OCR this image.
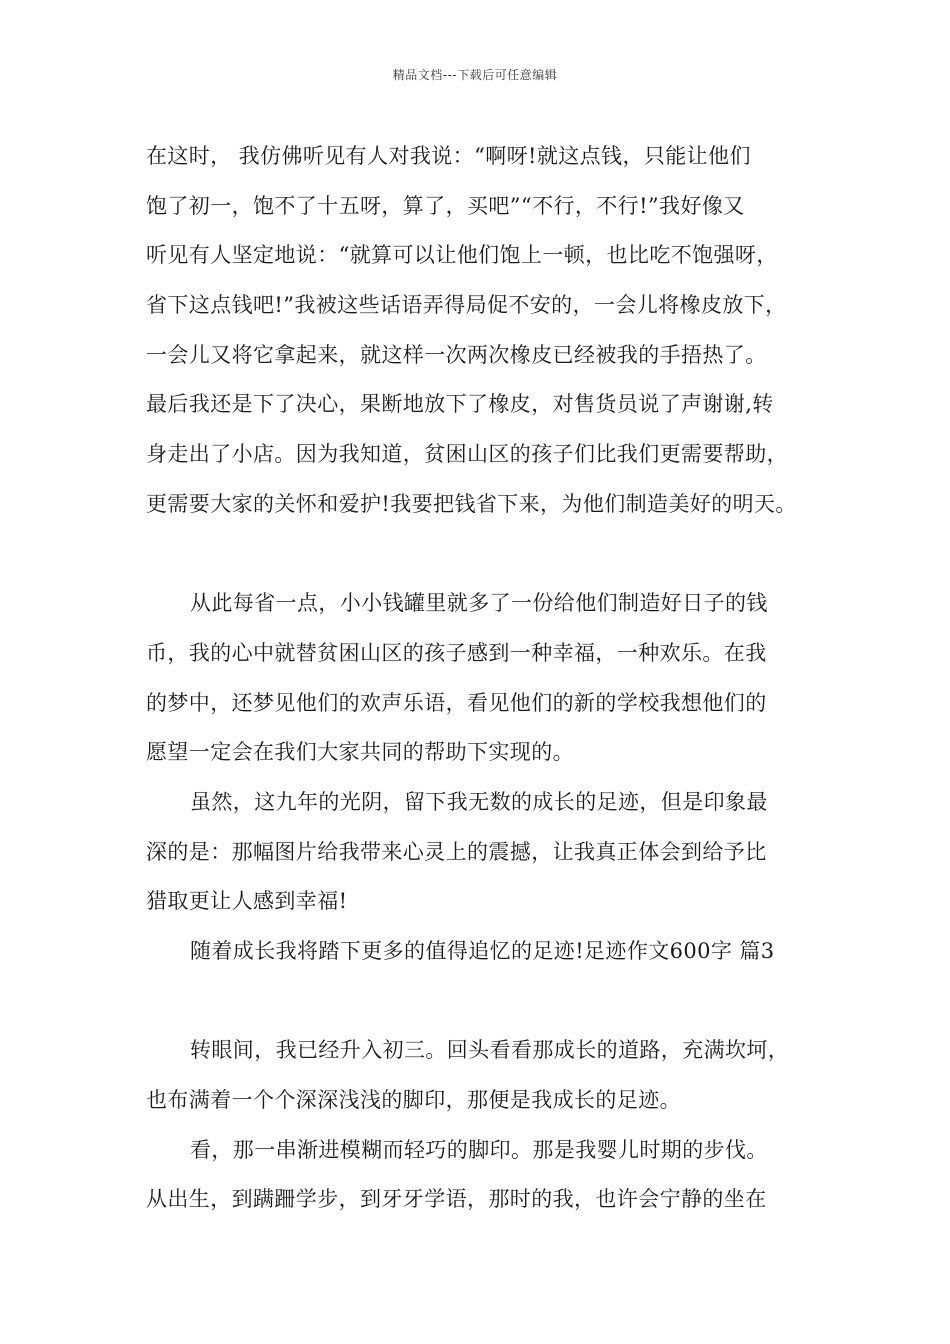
精品文档---下载后可任意编辑
在这时， 我仿佛听见有人对我说：“啊呀!就这点钱，只能让他们
饱了初一，饱不了十五呀，算了，买吧”“不行，不行!”我好像又
听见有人坚定地说：“就算可以让他们饱上一顿，也比吃不饱强呀，
省下这点钱吧!”我被这些话语弄得局促不安的，一会儿将橡皮放下，
一会儿又将它拿起来，就这样一次两次橡皮已经被我的手捂热了。
最后我还是下了决心，果断地放下了橡皮，对售货员说了声谢谢,转
身走出了小店。因为我知道，贫困山区的孩子们比我们更需要帮助，
更需要大家的关怀和爱护!我要把钱省下来，为他们制造美好的明天。
从此每省一点，小小钱罐里就多了一份给他们制造好日子的钱
币，我的心中就替贫困山区的孩子感到一种幸福，一种欢乐。在我
的梦中，还梦见他们的欢声乐语，看见他们的新的学校我想他们的
愿望一定会在我们大家共同的帮助下实现的。
虽然，这九年的光阴，留下我无数的成长的足迹，但是印象最
深的是：那幅图片给我带来心灵上的震撼，让我真正体会到给予比
猎取更让人感到幸福!
随着成长我将踏下更多的值得追忆的足迹!足迹作文600字 篇3
转眼间，我已经升入初三。回头看看那成长的道路，充满坎坷，
也布满着一个个深深浅浅的脚印，那便是我成长的足迹。
看，那一串渐进模糊而轻巧的脚印。那是我婴儿时期的步伐。
从出生，到蹒跚学步，到牙牙学语，那时的我，也许会宁静的坐在
